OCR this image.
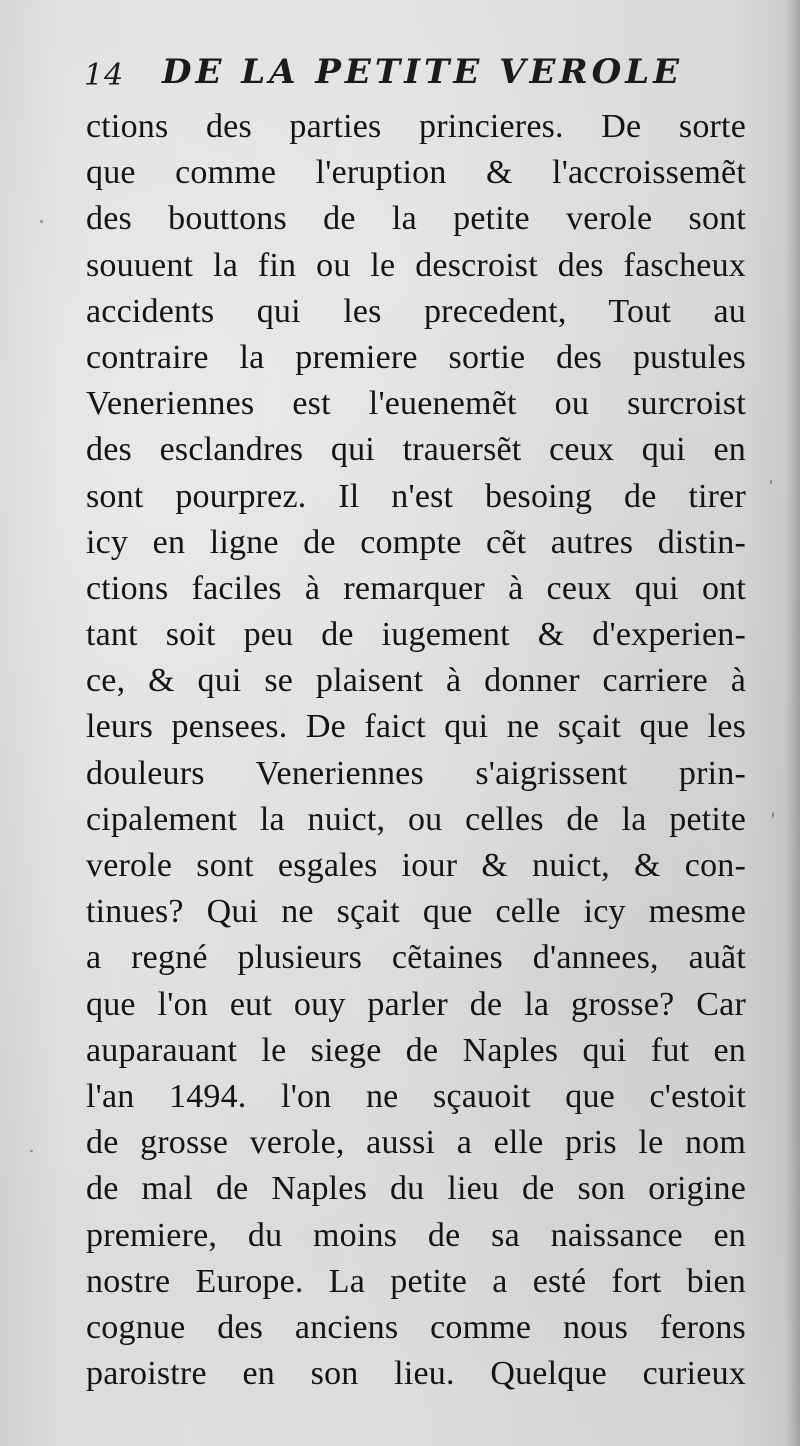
14 DE LA PETITE VEROLE
ctions des parties princieres. De sorte
que comme l'eruption & l'accroissemẽt
des bouttons de la petite verole sont
souuent la fin ou le descroist des fascheux
accidents qui les precedent, Tout au
contraire la premiere sortie des pustules
Veneriennes est l'euenemẽt ou surcroist
des esclandres qui trauersẽt ceux qui en
sont pourprez. Il n'est besoing de tirer
icy en ligne de compte cẽt autres distin-
ctions faciles à remarquer à ceux qui ont
tant soit peu de iugement & d'experien-
ce, & qui se plaisent à donner carriere à
leurs pensees. De faict qui ne sçait que les
douleurs Veneriennes s'aigrissent prin-
cipalement la nuict, ou celles de la petite
verole sont esgales iour & nuict, & con-
tinues? Qui ne sçait que celle icy mesme
a regné plusieurs cẽtaines d'annees, auãt
que l'on eut ouy parler de la grosse? Car
auparauant le siege de Naples qui fut en
l'an 1494. l'on ne sçauoit que c'estoit
de grosse verole, aussi a elle pris le nom
de mal de Naples du lieu de son origine
premiere, du moins de sa naissance en
nostre Europe. La petite a esté fort bien
cognue des anciens comme nous ferons
paroistre en son lieu. Quelque curieux
